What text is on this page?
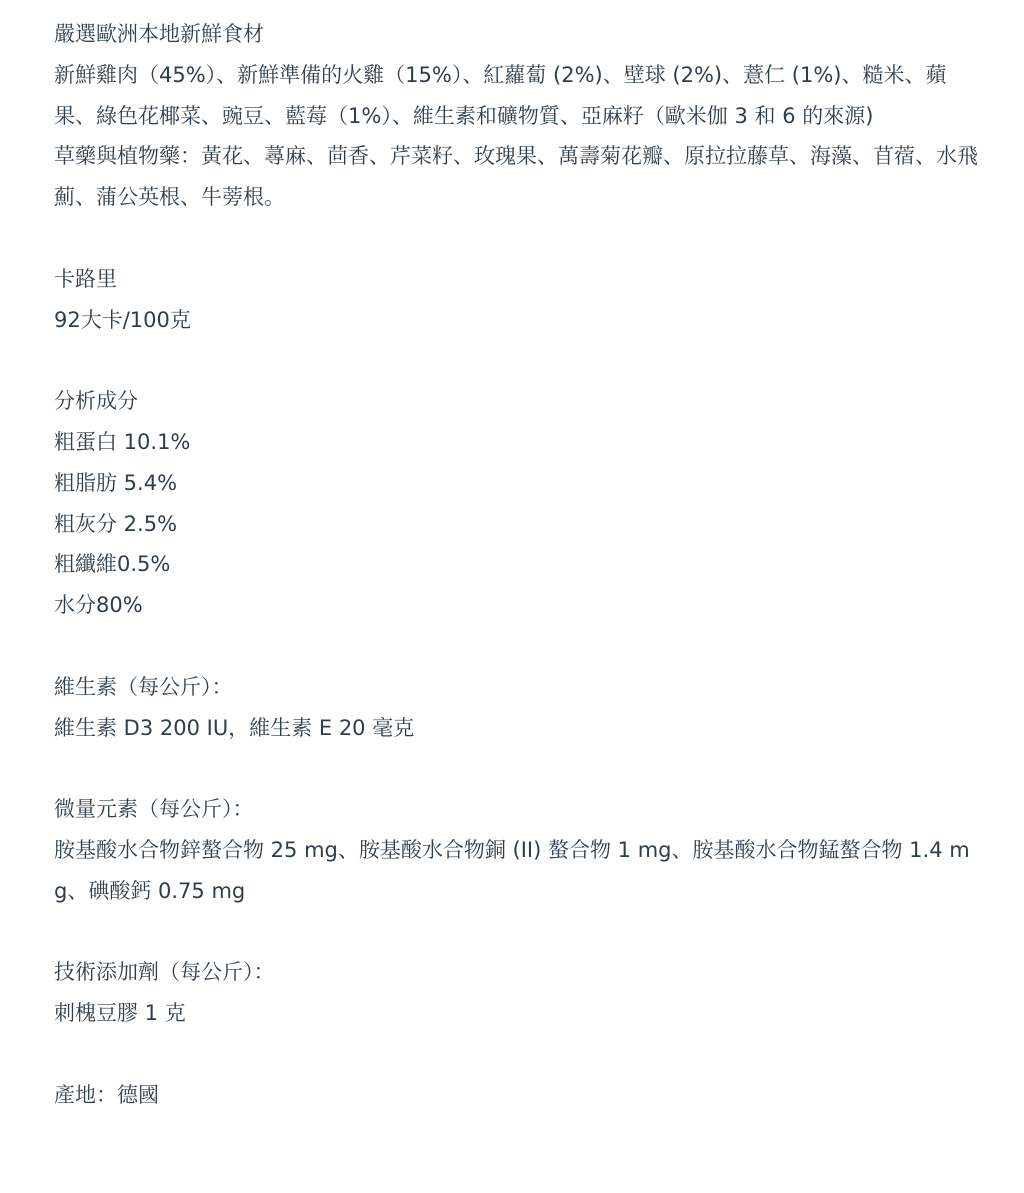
嚴選歐洲本地新鮮食材
新鮮雞肉（45%）、新鮮準備的火雞（15%）、紅蘿蔔 (2%)、壁球 (2%)、薏仁 (1%)、糙米、蘋果、綠色花椰菜、豌豆、藍莓（1%）、維生素和礦物質、亞麻籽（歐米伽 3 和 6 的來源)
草藥與植物藥：黃花、蕁麻、茴香、芹菜籽、玫瑰果、萬壽菊花瓣、原拉拉藤草、海藻、苜蓿、水飛薊、蒲公英根、牛蒡根。
卡路里
92大卡/100克
分析成分
粗蛋白 10.1%
粗脂肪 5.4%
粗灰分 2.5%
粗纖維0.5%
水分80%
維生素（每公斤）：
維生素 D3 200 IU，維生素 E 20 毫克
微量元素（每公斤）：
胺基酸水合物鋅螯合物 25 mg、胺基酸水合物銅 (II) 螯合物 1 mg、胺基酸水合物錳螯合物 1.4 mg、碘酸鈣 0.75 mg
技術添加劑（每公斤）：
刺槐豆膠 1 克
產地：德國
